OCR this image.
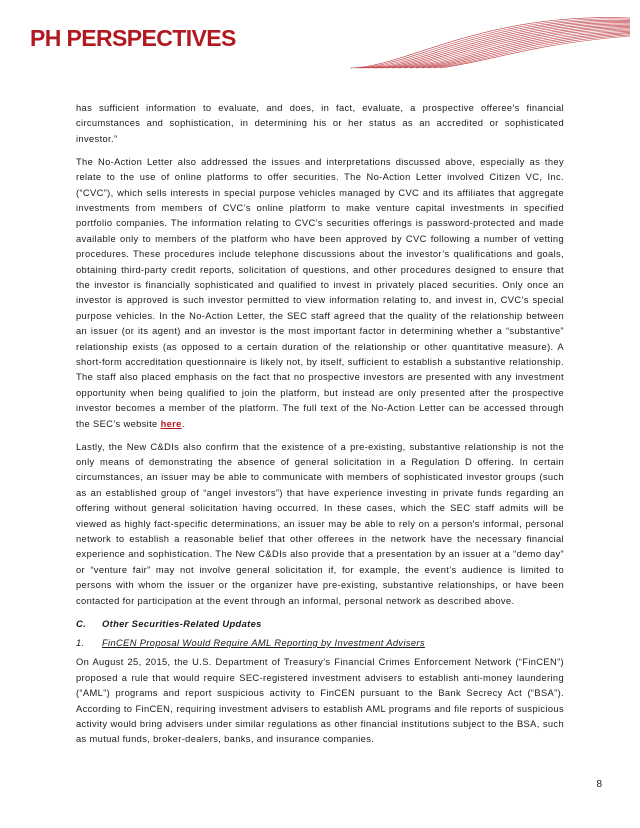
PH PERSPECTIVES

has sufficient information to evaluate, and does, in fact, evaluate, a prospective offeree’s financial circumstances and sophistication, in determining his or her status as an accredited or sophisticated investor.”

The No-Action Letter also addressed the issues and interpretations discussed above, especially as they relate to the use of online platforms to offer securities. The No-Action Letter involved Citizen VC, Inc. (“CVC”), which sells interests in special purpose vehicles managed by CVC and its affiliates that aggregate investments from members of CVC’s online platform to make venture capital investments in specified portfolio companies. The information relating to CVC’s securities offerings is password-protected and made available only to members of the platform who have been approved by CVC following a number of vetting procedures. These procedures include telephone discussions about the investor’s qualifications and goals, obtaining third-party credit reports, solicitation of questions, and other procedures designed to ensure that the investor is financially sophisticated and qualified to invest in privately placed securities. Only once an investor is approved is such investor permitted to view information relating to, and invest in, CVC’s special purpose vehicles. In the No-Action Letter, the SEC staff agreed that the quality of the relationship between an issuer (or its agent) and an investor is the most important factor in determining whether a “substantive” relationship exists (as opposed to a certain duration of the relationship or other quantitative measure). A short-form accreditation questionnaire is likely not, by itself, sufficient to establish a substantive relationship. The staff also placed emphasis on the fact that no prospective investors are presented with any investment opportunity when being qualified to join the platform, but instead are only presented after the prospective investor becomes a member of the platform. The full text of the No-Action Letter can be accessed through the SEC’s website here.

Lastly, the New C&DIs also confirm that the existence of a pre-existing, substantive relationship is not the only means of demonstrating the absence of general solicitation in a Regulation D offering. In certain circumstances, an issuer may be able to communicate with members of sophisticated investor groups (such as an established group of “angel investors”) that have experience investing in private funds regarding an offering without general solicitation having occurred. In these cases, which the SEC staff admits will be viewed as highly fact-specific determinations, an issuer may be able to rely on a person’s informal, personal network to establish a reasonable belief that other offerees in the network have the necessary financial experience and sophistication. The New C&DIs also provide that a presentation by an issuer at a “demo day” or “venture fair” may not involve general solicitation if, for example, the event’s audience is limited to persons with whom the issuer or the organizer have pre-existing, substantive relationships, or have been contacted for participation at the event through an informal, personal network as described above.

C. Other Securities-Related Updates
1. FinCEN Proposal Would Require AML Reporting by Investment Advisers

On August 25, 2015, the U.S. Department of Treasury’s Financial Crimes Enforcement Network (“FinCEN”) proposed a rule that would require SEC-registered investment advisers to establish anti-money laundering (“AML”) programs and report suspicious activity to FinCEN pursuant to the Bank Secrecy Act (“BSA”). According to FinCEN, requiring investment advisers to establish AML programs and file reports of suspicious activity would bring advisers under similar regulations as other financial institutions subject to the BSA, such as mutual funds, broker-dealers, banks, and insurance companies.

8
